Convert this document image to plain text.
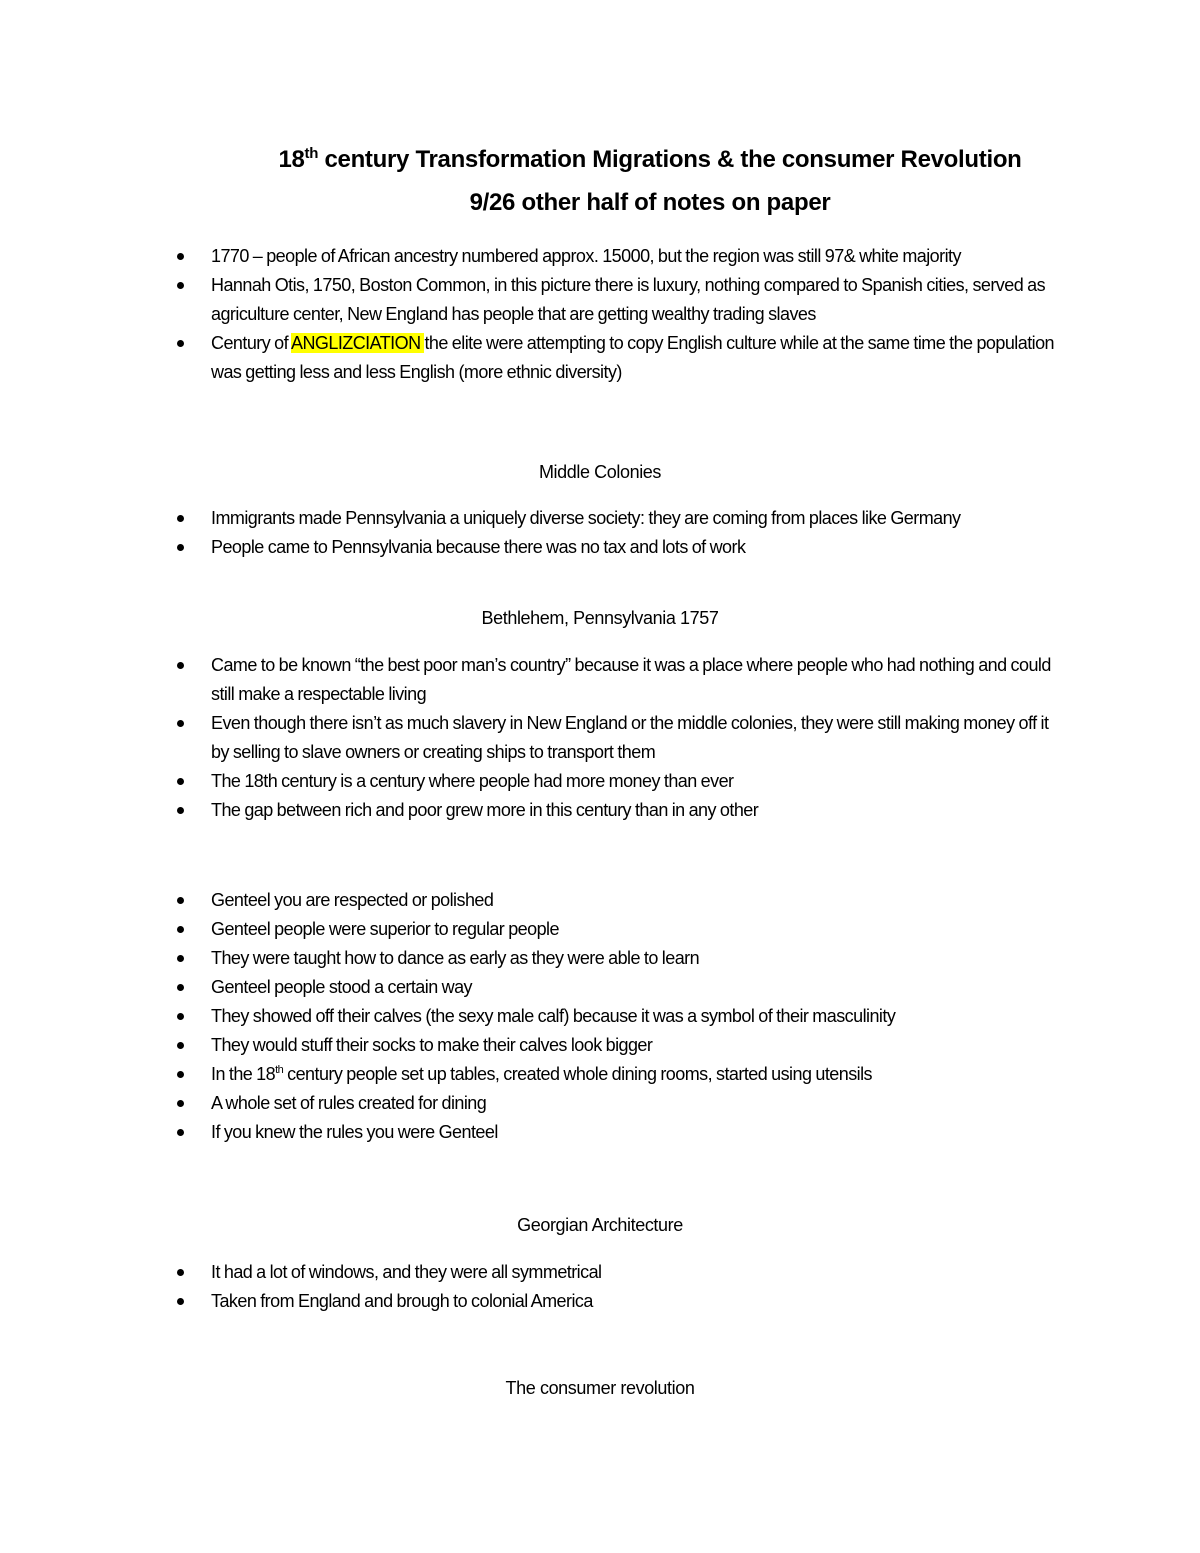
18th century Transformation Migrations & the consumer Revolution
9/26 other half of notes on paper
1770 – people of African ancestry numbered approx. 15000, but the region was still 97& white majority
Hannah Otis, 1750, Boston Common, in this picture there is luxury, nothing compared to Spanish cities, served as agriculture center, New England has people that are getting wealthy trading slaves
Century of ANGLIZCIATION the elite were attempting to copy English culture while at the same time the population was getting less and less English (more ethnic diversity)
Middle Colonies
Immigrants made Pennsylvania a uniquely diverse society: they are coming from places like Germany
People came to Pennsylvania because there was no tax and lots of work
Bethlehem, Pennsylvania 1757
Came to be known “the best poor man’s country” because it was a place where people who had nothing and could still make a respectable living
Even though there isn’t as much slavery in New England or the middle colonies, they were still making money off it by selling to slave owners or creating ships to transport them
The 18th century is a century where people had more money than ever
The gap between rich and poor grew more in this century than in any other
Genteel you are respected or polished
Genteel people were superior to regular people
They were taught how to dance as early as they were able to learn
Genteel people stood a certain way
They showed off their calves (the sexy male calf) because it was a symbol of their masculinity
They would stuff their socks to make their calves look bigger
In the 18th century people set up tables, created whole dining rooms, started using utensils
A whole set of rules created for dining
If you knew the rules you were Genteel
Georgian Architecture
It had a lot of windows, and they were all symmetrical
Taken from England and brough to colonial America
The consumer revolution
